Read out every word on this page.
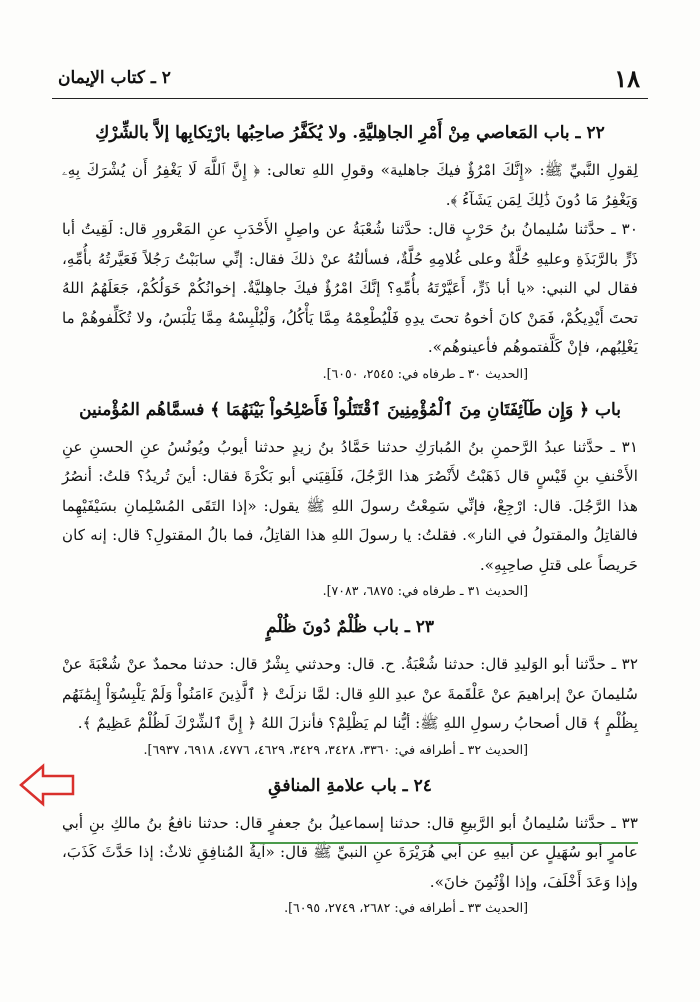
١٨
٢ ـ كتاب الإيمان
٢٢ ـ باب المَعاصي مِنْ أَمْرِ الجاهِليَّةِ. ولا يُكَفَّرُ صاحِبُها بارْتِكابِها إلاَّ بالشِّرْكِ

لِقولِ النَّبيِّ ﷺ: «إِنَّكَ امْرُؤٌ فيكَ جاهلية» وقولِ اللهِ تعالى: ﴿ إِنَّ ٱللَّهَ لَا يَغْفِرُ أَن يُشْرَكَ بِهِۦ وَيَغْفِرُ مَا دُونَ ذَٰلِكَ لِمَن يَشَآءُ ﴾.

٣٠ ـ حدَّثنا سُليمانُ بنُ حَرْبٍ قال: حدَّثنا شُعْبَةُ عن واصِلٍ الأَحْدَبِ عنِ المَعْرورِ قال: لَقِيتُ أبا ذَرٍّ بالرَّبَذَةِ وعليهِ حُلَّةٌ وعلى غُلامِهِ حُلَّةٌ، فسألتُهُ عنْ ذلكَ فقال: إنِّي سابَبْتُ رَجُلاً فَعَيَّرتُهُ بأُمِّهِ، فقال لي النبي: «يا أبا ذَرٍّ، أَعَيَّرْتَهُ بأُمِّهِ؟ إنَّكَ امْرُؤٌ فيكَ جاهِليَّةٌ. إخوانُكُمْ خَوَلُكُمْ، جَعَلَهُمُ اللهُ تحتَ أَيْدِيكُمْ، فَمَنْ كانَ أخوهُ تحتَ يدِهِ فَلْيُطْعِمْهُ مِمَّا يَأْكُلُ، وَلْيُلْبِسْهُ مِمَّا يَلْبَسُ، ولا تُكَلِّفوهُمْ ما يَغْلِبُهم، فإنْ كَلَّفتموهُم فأعينوهُم».

[الحديث ٣٠ ـ طرفاه في: ٢٥٤٥، ٦٠٥٠].

باب ﴿ وَإِن طَآئِفَتَانِ مِنَ ٱلْمُؤْمِنِينَ ٱقْتَتَلُواْ فَأَصْلِحُواْ بَيْنَهُمَا ﴾ فسمَّاهُم المُؤْمنين

٣١ ـ حدَّثنا عبدُ الرَّحمنِ بنُ المُبارَكِ حدثنا حَمَّادُ بنُ زيدٍ حدثنا أيوبُ ويُونُسُ عنِ الحسنِ عنِ الأَحْنفِ بنِ قَيْسٍ قال ذَهَبْتُ لأَنْصُرَ هذا الرَّجُلَ، فَلَقِيَني أبو بَكْرَةَ فقال: أينَ تُريدُ؟ قلتُ: أنصُرُ هذا الرَّجُلَ. قال: ارْجِعْ، فإنِّي سَمِعْتُ رسولَ اللهِ ﷺ يقول: «إذا التَقَى المُسْلِمانِ بسَيْفَيْهِما فالقاتِلُ والمقتولُ في النار». فقلتُ: يا رسولَ اللهِ هذا القاتِلُ، فما بالُ المقتولِ؟ قال: إنه كان حَريصاً على قتلِ صاحِبِهِ».

[الحديث ٣١ ـ طرفاه في: ٦٨٧٥، ٧٠٨٣].

٢٣ ـ باب ظُلْمٌ دُونَ ظُلْمٍ

٣٢ ـ حدَّثنا أبو الوَليدِ قال: حدثنا شُعْبَةُ. ح. قال: وحدثني بِشْرٌ قال: حدثنا محمدٌ عنْ شُعْبَةَ عنْ سُليمانَ عنْ إبراهيمَ عنْ عَلْقَمةَ عنْ عبدِ اللهِ قال: لمَّا نزلَتْ ﴿ ٱلَّذِينَ ءَامَنُواْ وَلَمْ يَلْبِسُوٓاْ إِيمَٰنَهُم بِظُلْمٍ ﴾ قال أصحابُ رسولِ اللهِ ﷺ: أيُّنا لم يَظْلِمْ؟ فأنزلَ اللهُ ﴿ إِنَّ ٱلشِّرْكَ لَظُلْمٌ عَظِيمٌ ﴾.

[الحديث ٣٢ ـ أطرافه في: ٣٣٦٠، ٣٤٢٨، ٣٤٢٩، ٤٦٢٩، ٤٧٧٦، ٦٩١٨، ٦٩٣٧].

٢٤ ـ باب علامةِ المنافقِ

٣٣ ـ حدَّثنا سُليمانُ أبو الرَّبيعِ قال: حدثنا إسماعيلُ بنُ جعفرٍ قال: حدثنا نافعُ بنُ مالكِ بنِ أبي عامرٍ أبو سُهَيلٍ عن أبيهِ عن أبي هُرَيْرَةَ عنِ النبيِّ ﷺ قال: «آيةُ المُنافِقِ ثلاثٌ: إذا حَدَّثَ كَذَبَ، وإذا وَعَدَ أَخْلَفَ، وإذا اؤْتُمِنَ خانَ».

[الحديث ٣٣ ـ أطرافه في: ٢٦٨٢، ٢٧٤٩، ٦٠٩٥].
